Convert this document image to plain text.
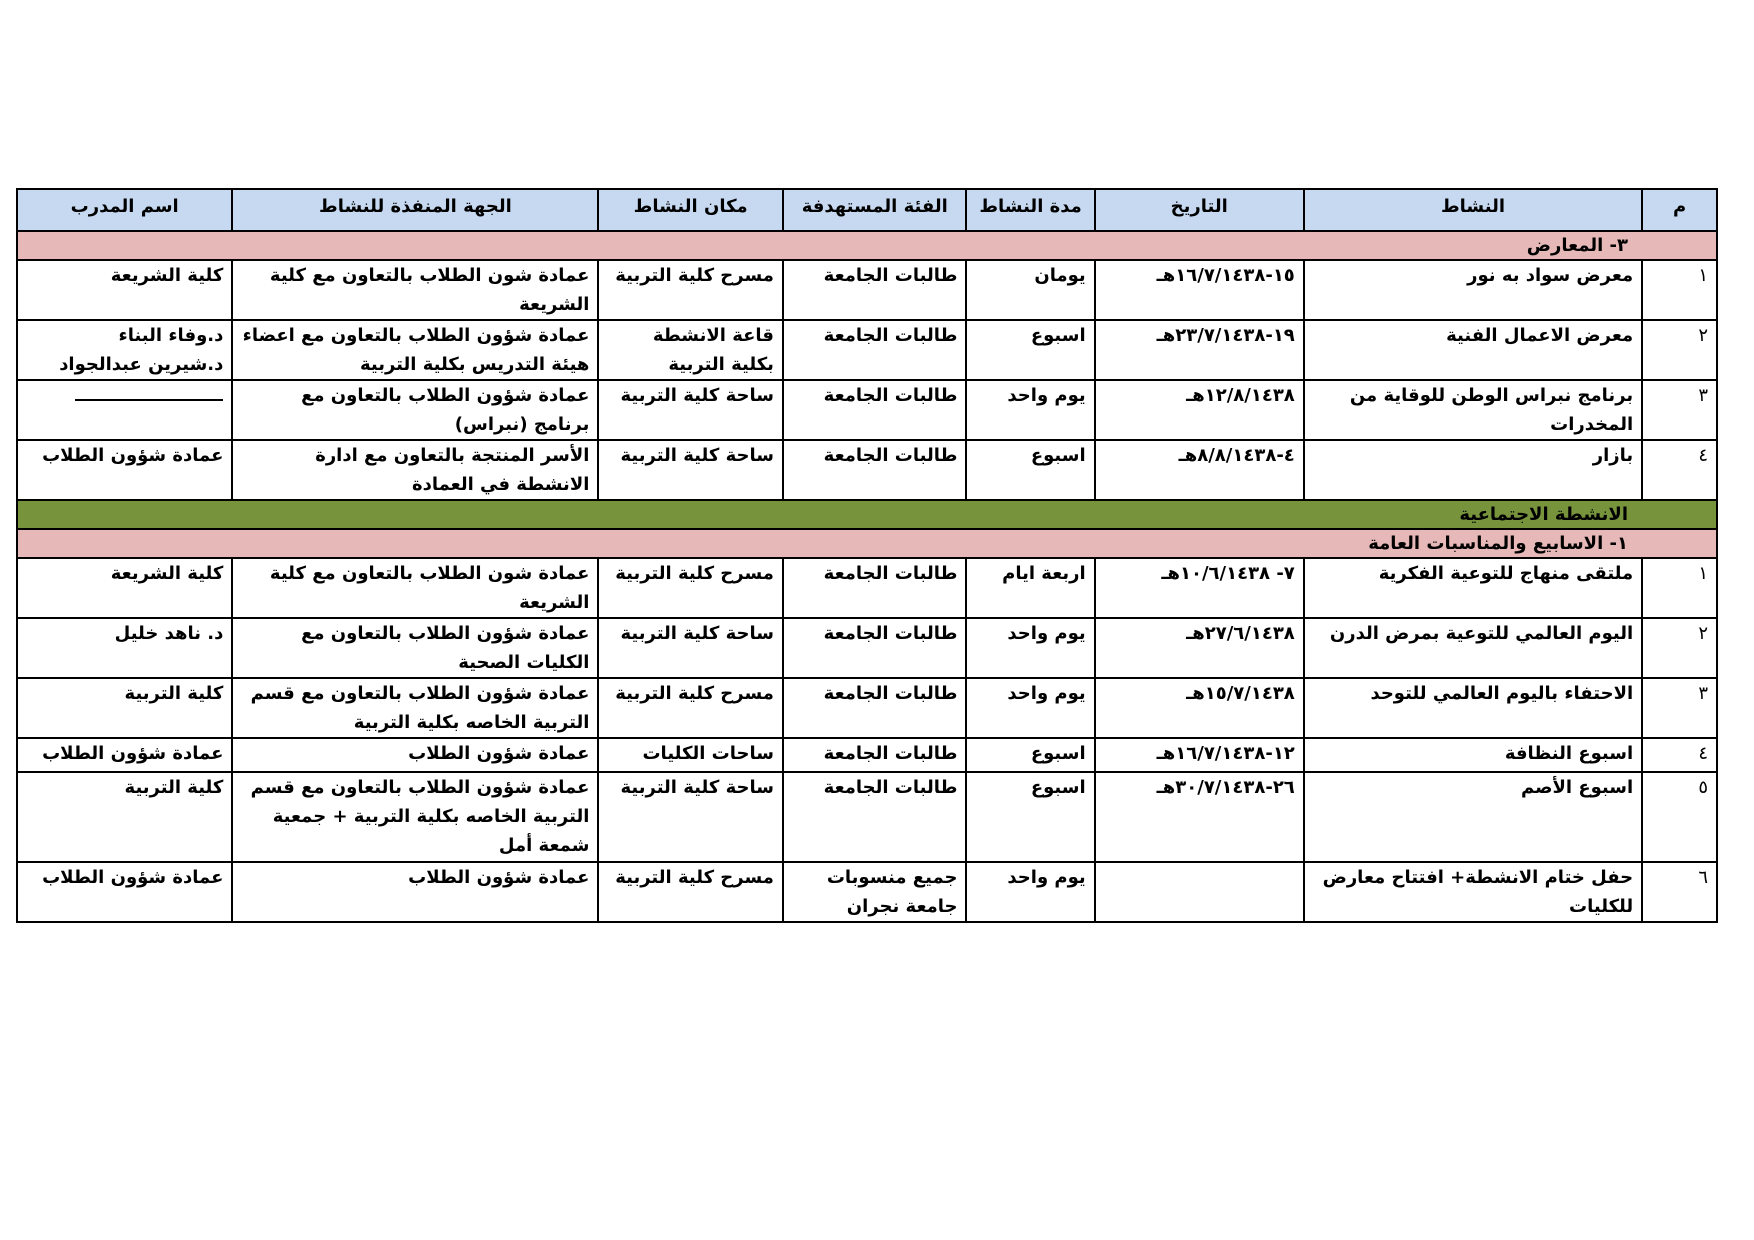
م	النشاط	التاريخ	مدة النشاط	الفئة المستهدفة	مكان النشاط	الجهة المنفذة للنشاط	اسم المدرب
٣- المعارض							
١	معرض سواد به نور	١٥-١٦/٧/١٤٣٨هـ	يومان	طالبات الجامعة	مسرح كلية التربية	عمادة شون الطلاب بالتعاون مع كلية الشريعة	كلية الشريعة
٢	معرض الاعمال الفنية	١٩-٢٣/٧/١٤٣٨هـ	اسبوع	طالبات الجامعة	قاعة الانشطة بكلية التربية	عمادة شؤون الطلاب بالتعاون مع اعضاء هيئة التدريس بكلية التربية	د.وفاء البناء
د.شيرين عبدالجواد

٣	برنامج نبراس الوطن للوقاية من المخدرات	١٢/٨/١٤٣٨هـ	يوم واحد	طالبات الجامعة	ساحة كلية التربية	عمادة شؤون الطلاب بالتعاون مع برنامج (نبراس)	
٤	بازار	٤-٨/٨/١٤٣٨هـ	اسبوع	طالبات الجامعة	ساحة كلية التربية	الأسر المنتجة بالتعاون مع ادارة الانشطة في العمادة	عمادة شؤون الطلاب
الانشطة الاجتماعية							
١- الاسابيع والمناسبات العامة							
١	ملتقى منهاج للتوعية الفكرية	٧- ١٠/٦/١٤٣٨هـ	اربعة ايام	طالبات الجامعة	مسرح كلية التربية	عمادة شون الطلاب بالتعاون مع كلية الشريعة	كلية الشريعة
٢	اليوم العالمي للتوعية بمرض الدرن	٢٧/٦/١٤٣٨هـ	يوم واحد	طالبات الجامعة	ساحة كلية التربية	عمادة شؤون الطلاب بالتعاون مع الكليات الصحية	د. ناهد خليل
٣	الاحتفاء باليوم العالمي للتوحد	١٥/٧/١٤٣٨هـ	يوم واحد	طالبات الجامعة	مسرح كلية التربية	عمادة شؤون الطلاب بالتعاون مع قسم التربية الخاصه بكلية التربية	كلية التربية
٤	اسبوع النظافة	١٢-١٦/٧/١٤٣٨هـ	اسبوع	طالبات الجامعة	ساحات الكليات	عمادة شؤون الطلاب	عمادة شؤون الطلاب
٥	اسبوع الأصم	٢٦-٣٠/٧/١٤٣٨هـ	اسبوع	طالبات الجامعة	ساحة كلية التربية	عمادة شؤون الطلاب بالتعاون مع قسم التربية الخاصه بكلية التربية + جمعية شمعة أمل	كلية التربية
٦	حفل ختام الانشطة+ افتتاح معارض للكليات		يوم واحد	جميع منسوبات جامعة نجران	مسرح كلية التربية	عمادة شؤون الطلاب	عمادة شؤون الطلاب
